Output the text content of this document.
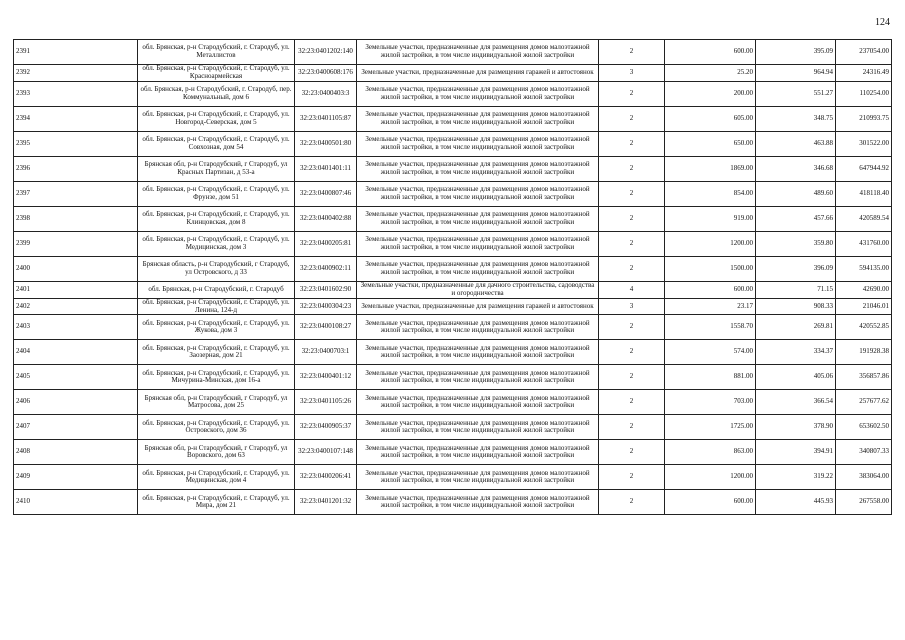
124
2391	обл. Брянская, р-н Стародубский, г. Стародуб, ул. Металлистов	32:23:0401202:140	Земельные участки, предназначенные для размещения домов малоэтажной жилой застройки, в том числе индивидуальной жилой застройки	2	600.00	395.09	237054.00
2392	обл. Брянская, р-н Стародубский, г. Стародуб, ул. Красноармейская	32:23:0400608:176	Земельные участки, предназначенные для размещения гаражей и автостоянок	3	25.20	964.94	24316.49
2393	обл. Брянская, р-н Стародубский, г. Стародуб, пер. Коммунальный, дом 6	32:23:0400403:3	Земельные участки, предназначенные для размещения домов малоэтажной жилой застройки, в том числе индивидуальной жилой застройки	2	200.00	551.27	110254.00
2394	обл. Брянская, р-н Стародубский, г. Стародуб, ул. Новгород-Северская, дом 5	32:23:0401105:87	Земельные участки, предназначенные для размещения домов малоэтажной жилой застройки, в том числе индивидуальной жилой застройки	2	605.00	348.75	210993.75
2395	обл. Брянская, р-н Стародубский, г. Стародуб, ул. Совхозная, дом 54	32:23:0400501:80	Земельные участки, предназначенные для размещения домов малоэтажной жилой застройки, в том числе индивидуальной жилой застройки	2	650.00	463.88	301522.00
2396	Брянская обл, р-н Стародубский, г Стародуб, ул Красных Партизан, д 53-а	32:23:0401401:11	Земельные участки, предназначенные для размещения домов малоэтажной жилой застройки, в том числе индивидуальной жилой застройки	2	1869.00	346.68	647944.92
2397	обл. Брянская, р-н Стародубский, г. Стародуб, ул. Фрунзе, дом 51	32:23:0400807:46	Земельные участки, предназначенные для размещения домов малоэтажной жилой застройки, в том числе индивидуальной жилой застройки	2	854.00	489.60	418118.40
2398	обл. Брянская, р-н Стародубский, г. Стародуб, ул. Клинцовская, дом 8	32:23:0400402:88	Земельные участки, предназначенные для размещения домов малоэтажной жилой застройки, в том числе индивидуальной жилой застройки	2	919.00	457.66	420589.54
2399	обл. Брянская, р-н Стародубский, г. Стародуб, ул. Медицинская, дом 3	32:23:0400205:81	Земельные участки, предназначенные для размещения домов малоэтажной жилой застройки, в том числе индивидуальной жилой застройки	2	1200.00	359.80	431760.00
2400	Брянская область, р-н Стародубский, г Стародуб, ул Островского, д 33	32:23:0400902:11	Земельные участки, предназначенные для размещения домов малоэтажной жилой застройки, в том числе индивидуальной жилой застройки	2	1500.00	396.09	594135.00
2401	обл. Брянская, р-н Стародубский, г. Стародуб	32:23:0401602:90	Земельные участки, предназначенные для дачного строительства, садоводства и огородничества	4	600.00	71.15	42690.00
2402	обл. Брянская, р-н Стародубский, г. Стародуб, ул. Ленина, 124-д	32:23:0400304:23	Земельные участки, предназначенные для размещения гаражей и автостоянок	3	23.17	908.33	21046.01
2403	обл. Брянская, р-н Стародубский, г. Стародуб, ул. Жукова, дом 3	32:23:0400108:27	Земельные участки, предназначенные для размещения домов малоэтажной жилой застройки, в том числе индивидуальной жилой застройки	2	1558.70	269.81	420552.85
2404	обл. Брянская, р-н Стародубский, г. Стародуб, ул. Заозерная, дом 21	32:23:0400703:1	Земельные участки, предназначенные для размещения домов малоэтажной жилой застройки, в том числе индивидуальной жилой застройки	2	574.00	334.37	191928.38
2405	обл. Брянская, р-н Стародубский, г. Стародуб, ул. Мичурина-Минская, дом 16-а	32:23:0400401:12	Земельные участки, предназначенные для размещения домов малоэтажной жилой застройки, в том числе индивидуальной жилой застройки	2	881.00	405.06	356857.86
2406	Брянская обл, р-н Стародубский, г Стародуб, ул Матросова, дом 25	32:23:0401105:26	Земельные участки, предназначенные для размещения домов малоэтажной жилой застройки, в том числе индивидуальной жилой застройки	2	703.00	366.54	257677.62
2407	обл. Брянская, р-н Стародубский, г. Стародуб, ул. Островского, дом 36	32:23:0400905:37	Земельные участки, предназначенные для размещения домов малоэтажной жилой застройки, в том числе индивидуальной жилой застройки	2	1725.00	378.90	653602.50
2408	Брянская обл, р-н Стародубский, г Стародуб, ул Воровского, дом 63	32:23:0400107:148	Земельные участки, предназначенные для размещения домов малоэтажной жилой застройки, в том числе индивидуальной жилой застройки	2	863.00	394.91	340807.33
2409	обл. Брянская, р-н Стародубский, г. Стародуб, ул. Медицинская, дом 4	32:23:0400206:41	Земельные участки, предназначенные для размещения домов малоэтажной жилой застройки, в том числе индивидуальной жилой застройки	2	1200.00	319.22	383064.00
2410	обл. Брянская, р-н Стародубский, г. Стародуб, ул. Мира, дом 21	32:23:0401201:32	Земельные участки, предназначенные для размещения домов малоэтажной жилой застройки, в том числе индивидуальной жилой застройки	2	600.00	445.93	267558.00
